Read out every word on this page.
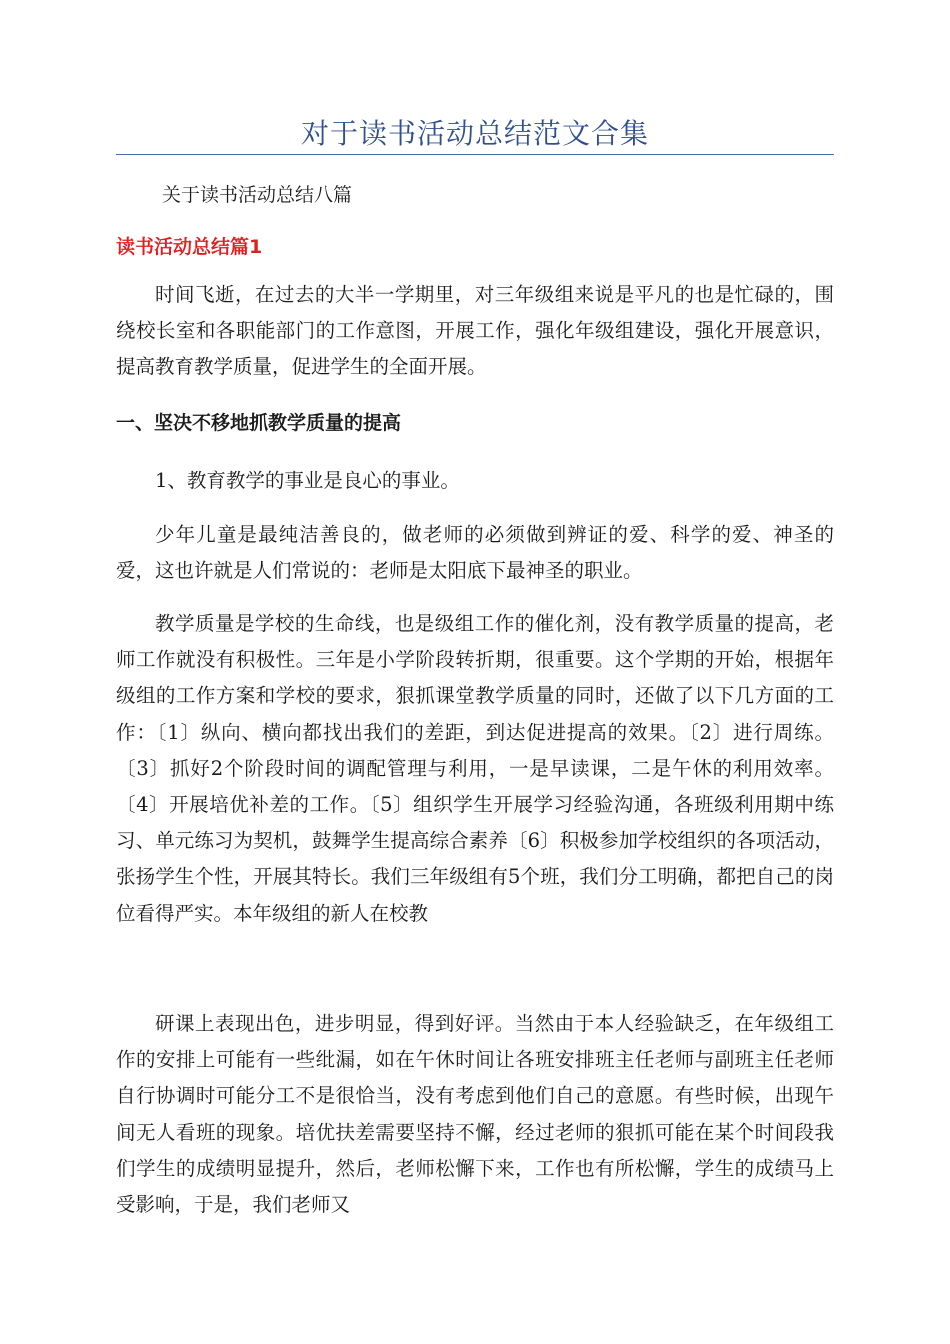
对于读书活动总结范文合集

关于读书活动总结八篇

读书活动总结篇1

时间飞逝，在过去的大半一学期里，对三年级组来说是平凡的也是忙碌的，围绕校长室和各职能部门的工作意图，开展工作，强化年级组建设，强化开展意识，提高教育教学质量，促进学生的全面开展。

一、坚决不移地抓教学质量的提高

1、教育教学的事业是良心的事业。

少年儿童是最纯洁善良的，做老师的必须做到辨证的爱、科学的爱、神圣的爱，这也许就是人们常说的：老师是太阳底下最神圣的职业。

教学质量是学校的生命线，也是级组工作的催化剂，没有教学质量的提高，老师工作就没有积极性。三年是小学阶段转折期，很重要。这个学期的开始，根据年级组的工作方案和学校的要求，狠抓课堂教学质量的同时，还做了以下几方面的工作：〔1〕纵向、横向都找出我们的差距，到达促进提高的效果。〔2〕进行周练。〔3〕抓好2个阶段时间的调配管理与利用，一是早读课，二是午休的利用效率。〔4〕开展培优补差的工作。〔5〕组织学生开展学习经验沟通，各班级利用期中练习、单元练习为契机，鼓舞学生提高综合素养〔6〕积极参加学校组织的各项活动，张扬学生个性，开展其特长。我们三年级组有5个班，我们分工明确，都把自己的岗位看得严实。本年级组的新人在校教

研课上表现出色，进步明显，得到好评。当然由于本人经验缺乏，在年级组工作的安排上可能有一些纰漏，如在午休时间让各班安排班主任老师与副班主任老师自行协调时可能分工不是很恰当，没有考虑到他们自己的意愿。有些时候，出现午间无人看班的现象。培优扶差需要坚持不懈，经过老师的狠抓可能在某个时间段我们学生的成绩明显提升，然后，老师松懈下来，工作也有所松懈，学生的成绩马上受影响，于是，我们老师又
